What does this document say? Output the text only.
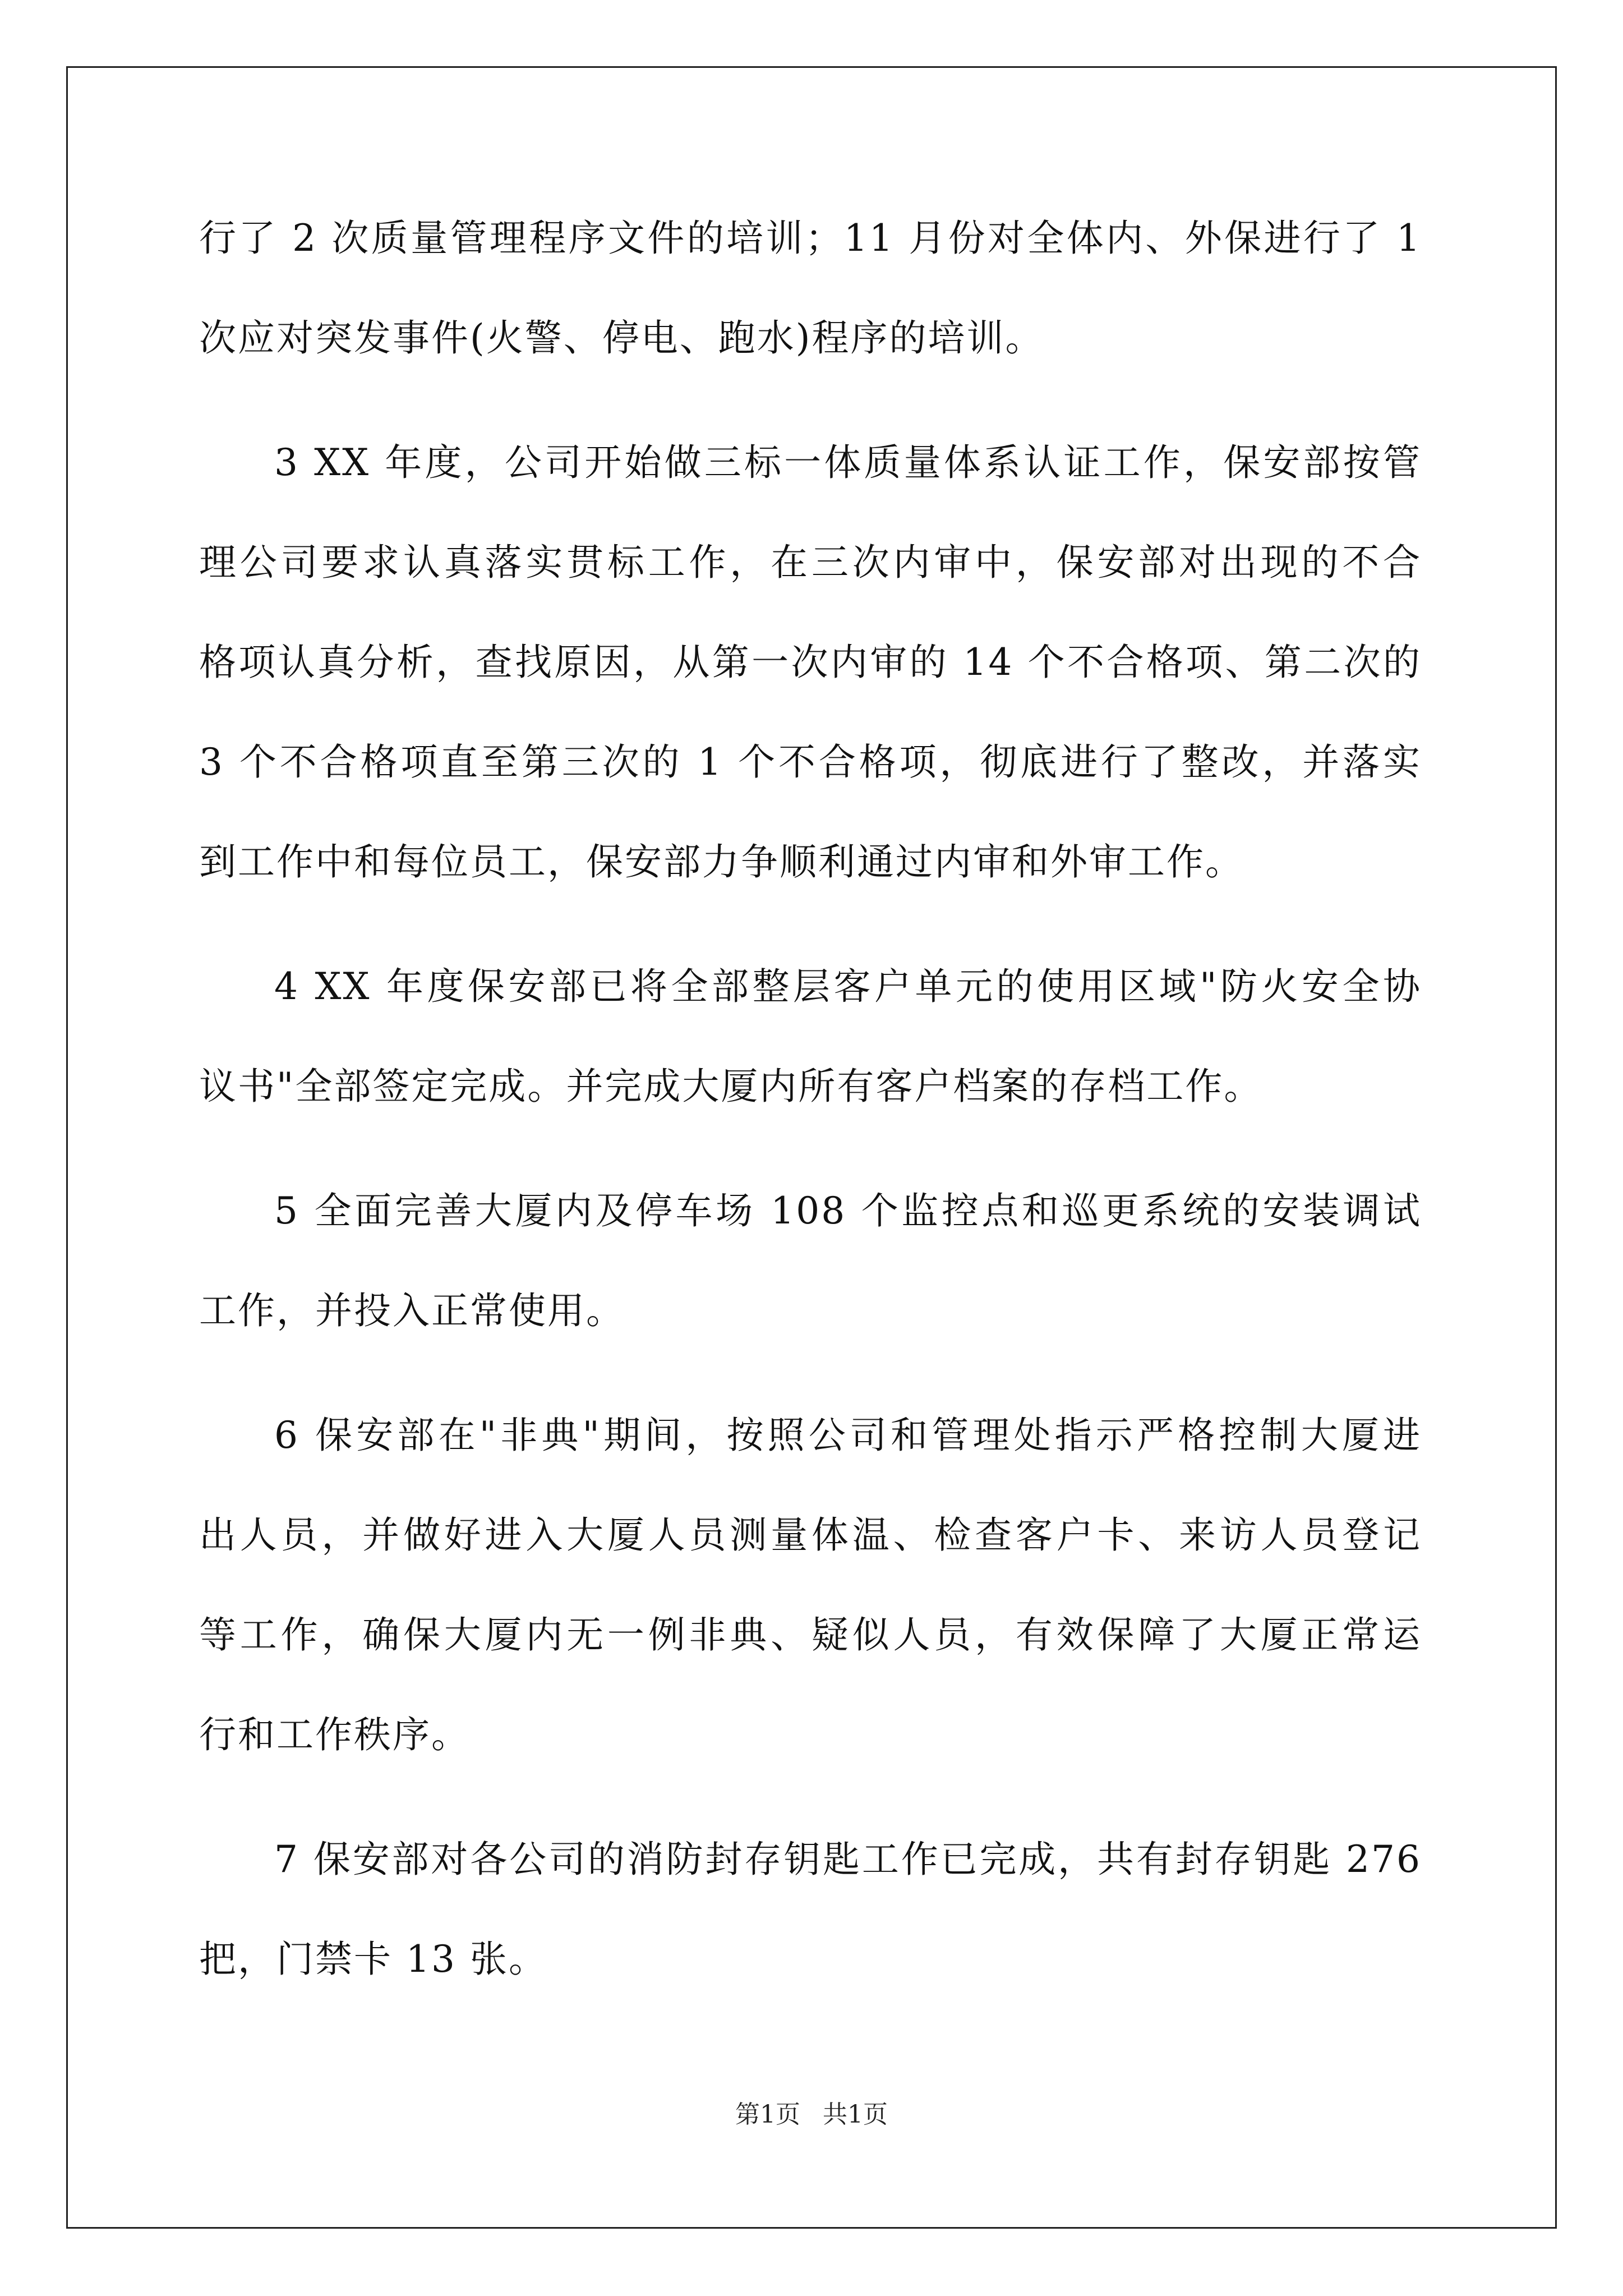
行了 2 次质量管理程序文件的培训；11 月份对全体内、外保进行了 1
次应对突发事件(火警、停电、跑水)程序的培训。
3 XX 年度，公司开始做三标一体质量体系认证工作，保安部按管
理公司要求认真落实贯标工作，在三次内审中，保安部对出现的不合
格项认真分析，查找原因，从第一次内审的 14 个不合格项、第二次的
3 个不合格项直至第三次的 1 个不合格项，彻底进行了整改，并落实
到工作中和每位员工，保安部力争顺利通过内审和外审工作。
4 XX 年度保安部已将全部整层客户单元的使用区域"防火安全协
议书"全部签定完成。并完成大厦内所有客户档案的存档工作。
5 全面完善大厦内及停车场 108 个监控点和巡更系统的安装调试
工作，并投入正常使用。
6 保安部在"非典"期间，按照公司和管理处指示严格控制大厦进
出人员，并做好进入大厦人员测量体温、检查客户卡、来访人员登记
等工作，确保大厦内无一例非典、疑似人员，有效保障了大厦正常运
行和工作秩序。
7 保安部对各公司的消防封存钥匙工作已完成，共有封存钥匙 276
把，门禁卡 13 张。
第1页 共1页
